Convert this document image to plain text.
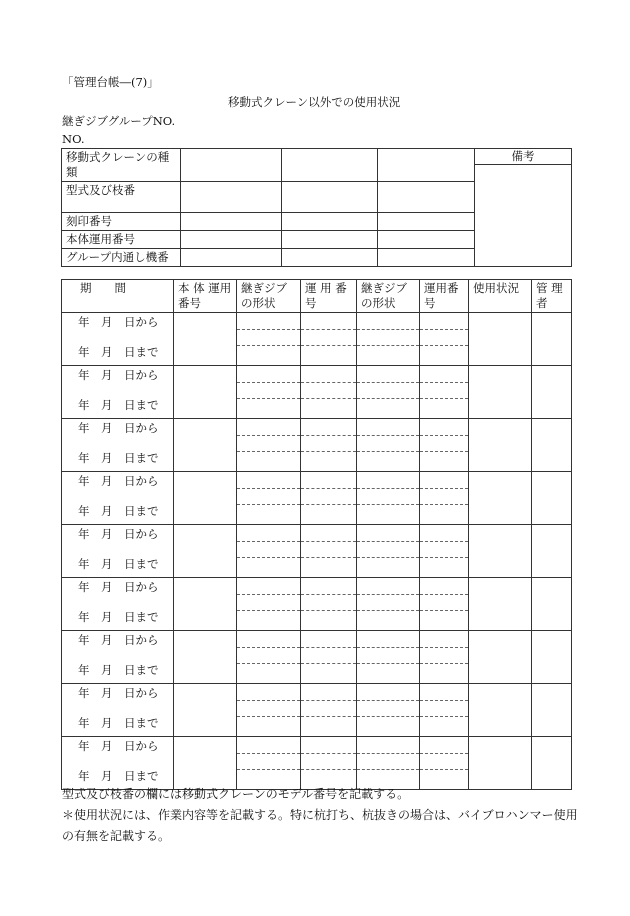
「管理台帳―(7)」
移動式クレーン以外での使用状況
継ぎジブグループNO.
NO.
移動式クレーンの種類				備考

型式及び枝番				
刻印番号				
本体運用番号				
グループ内通し機番				
期　　間	本 体 運用番号	継ぎジブの形状	運 用 番 号	継ぎジブの形状	運用番号	使用状況	管 理 者

年　月　日から
年　月　日まで							

年　月　日から
年　月　日まで							

年　月　日から
年　月　日まで							

年　月　日から
年　月　日まで							

年　月　日から
年　月　日まで							

年　月　日から
年　月　日まで							

年　月　日から
年　月　日まで							

年　月　日から
年　月　日まで							

年　月　日から
年　月　日まで							

型式及び枝番の欄には移動式クレーンのモデル番号を記載する。
＊使用状況には、作業内容等を記載する。特に杭打ち、杭抜きの場合は、バイブロハンマー使用
の有無を記載する。
